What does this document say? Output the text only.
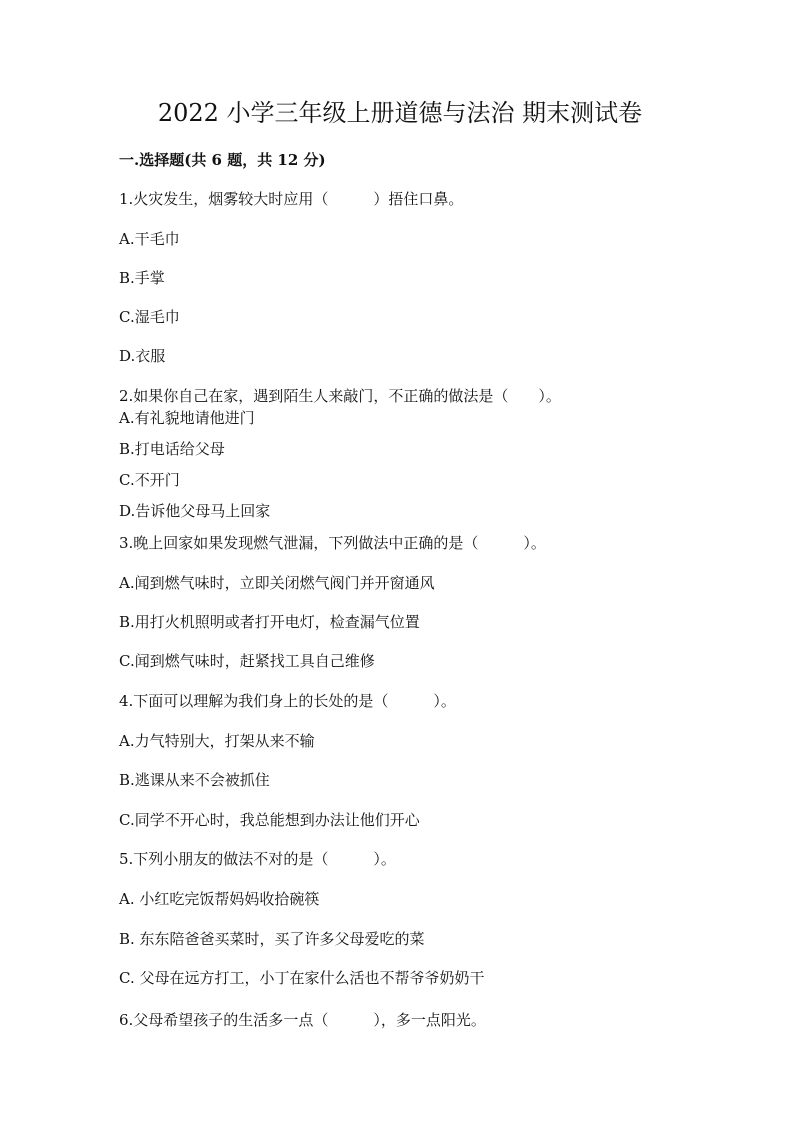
2022 小学三年级上册道德与法治 期末测试卷
一.选择题(共 6 题，共 12 分)
1.火灾发生，烟雾较大时应用（　　　）捂住口鼻。
A.干毛巾
B.手掌
C.湿毛巾
D.衣服
2.如果你自己在家，遇到陌生人来敲门，不正确的做法是（　　）。
A.有礼貌地请他进门
B.打电话给父母
C.不开门
D.告诉他父母马上回家
3.晚上回家如果发现燃气泄漏，下列做法中正确的是（　　　）。
A.闻到燃气味时，立即关闭燃气阀门并开窗通风
B.用打火机照明或者打开电灯，检查漏气位置
C.闻到燃气味时，赶紧找工具自己维修
4.下面可以理解为我们身上的长处的是（　　　）。
A.力气特别大，打架从来不输
B.逃课从来不会被抓住
C.同学不开心时，我总能想到办法让他们开心
5.下列小朋友的做法不对的是（　　　）。
A. 小红吃完饭帮妈妈收拾碗筷
B. 东东陪爸爸买菜时，买了许多父母爱吃的菜
C. 父母在远方打工，小丁在家什么活也不帮爷爷奶奶干
6.父母希望孩子的生活多一点（　　　），多一点阳光。
